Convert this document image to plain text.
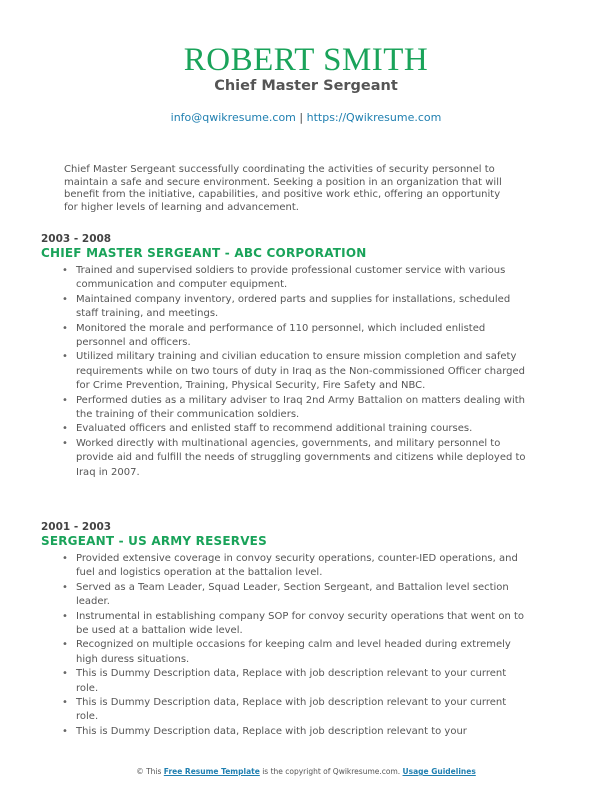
ROBERT SMITH
Chief Master Sergeant
info@qwikresume.com | https://Qwikresume.com
Chief Master Sergeant successfully coordinating the activities of security personnel to maintain a safe and secure environment. Seeking a position in an organization that will benefit from the initiative, capabilities, and positive work ethic, offering an opportunity for higher levels of learning and advancement.
2003 - 2008
CHIEF MASTER SERGEANT - ABC CORPORATION
• Trained and supervised soldiers to provide professional customer service with various communication and computer equipment.
• Maintained company inventory, ordered parts and supplies for installations, scheduled staff training, and meetings.
• Monitored the morale and performance of 110 personnel, which included enlisted personnel and officers.
• Utilized military training and civilian education to ensure mission completion and safety requirements while on two tours of duty in Iraq as the Non-commissioned Officer charged for Crime Prevention, Training, Physical Security, Fire Safety and NBC.
• Performed duties as a military adviser to Iraq 2nd Army Battalion on matters dealing with the training of their communication soldiers.
• Evaluated officers and enlisted staff to recommend additional training courses.
• Worked directly with multinational agencies, governments, and military personnel to provide aid and fulfill the needs of struggling governments and citizens while deployed to Iraq in 2007.
2001 - 2003
SERGEANT - US ARMY RESERVES
• Provided extensive coverage in convoy security operations, counter-IED operations, and fuel and logistics operation at the battalion level.
• Served as a Team Leader, Squad Leader, Section Sergeant, and Battalion level section leader.
• Instrumental in establishing company SOP for convoy security operations that went on to be used at a battalion wide level.
• Recognized on multiple occasions for keeping calm and level headed during extremely high duress situations.
• This is Dummy Description data, Replace with job description relevant to your current role.
• This is Dummy Description data, Replace with job description relevant to your current role.
• This is Dummy Description data, Replace with job description relevant to your
© This Free Resume Template is the copyright of Qwikresume.com. Usage Guidelines
